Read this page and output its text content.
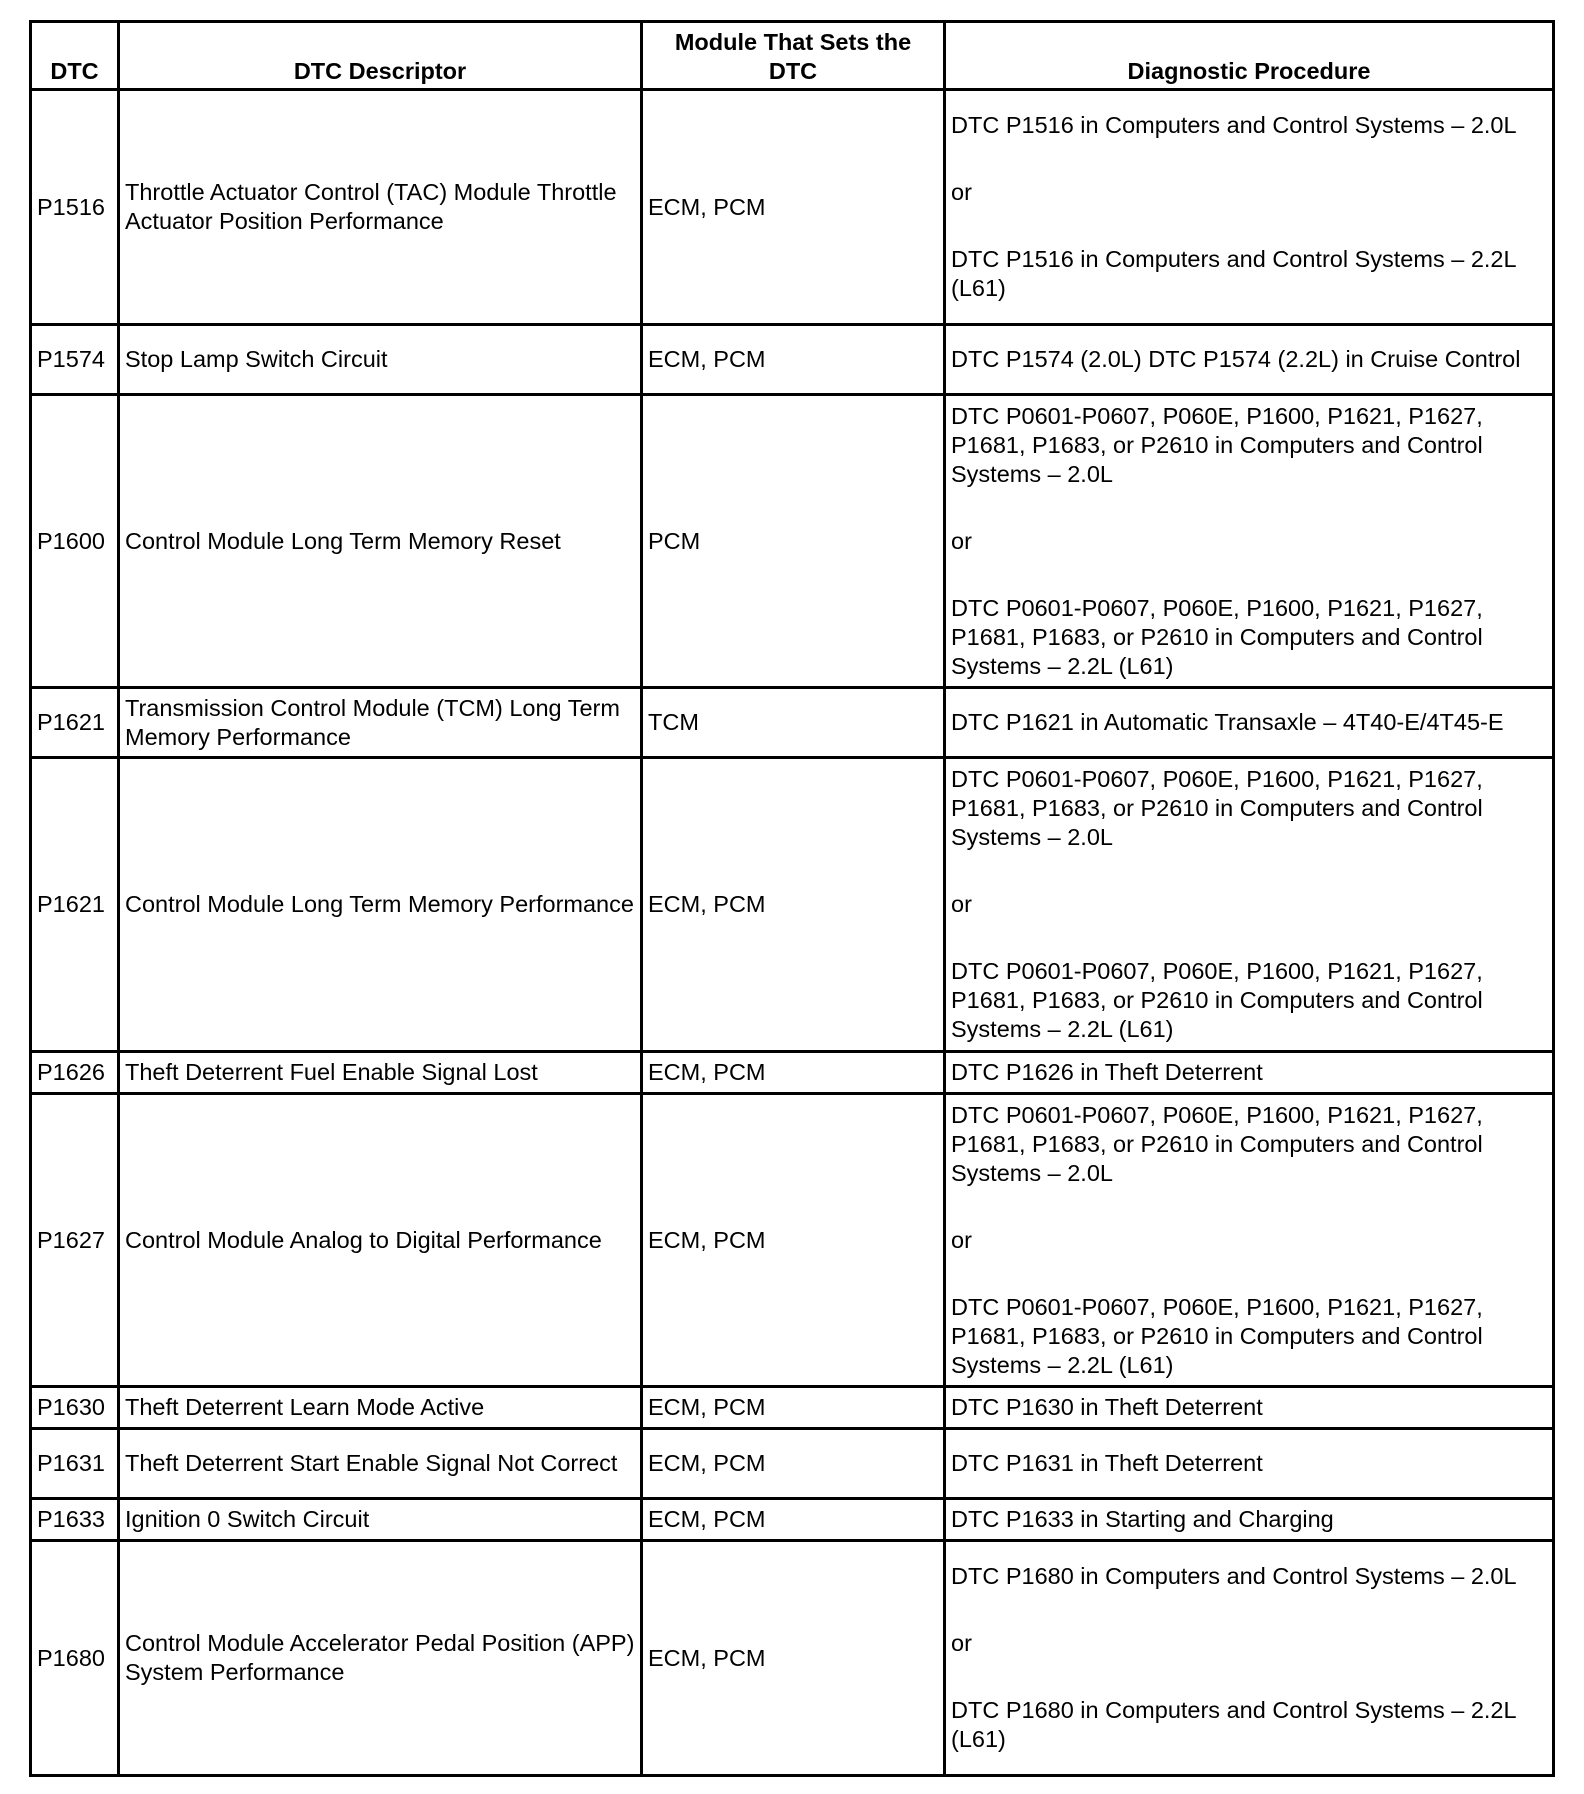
DTC	DTC Descriptor	Module That Sets the DTC	Diagnostic Procedure
P1516	Throttle Actuator Control (TAC) Module Throttle Actuator Position Performance	ECM, PCM	DTC P1516 in Computers and Control Systems – 2.0L
or
DTC P1516 in Computers and Control Systems – 2.2L (L61)

P1574	Stop Lamp Switch Circuit	ECM, PCM	DTC P1574 (2.0L) DTC P1574 (2.2L) in Cruise Control

P1600	Control Module Long Term Memory Reset	PCM	DTC P0601-P0607, P060E, P1600, P1621, P1627, P1681, P1683, or P2610 in Computers and Control Systems – 2.0L
or
DTC P0601-P0607, P060E, P1600, P1621, P1627, P1681, P1683, or P2610 in Computers and Control Systems – 2.2L (L61)

P1621	Transmission Control Module (TCM) Long Term Memory Performance	TCM	DTC P1621 in Automatic Transaxle – 4T40-E/4T45-E

P1621	Control Module Long Term Memory Performance	ECM, PCM	DTC P0601-P0607, P060E, P1600, P1621, P1627, P1681, P1683, or P2610 in Computers and Control Systems – 2.0L
or
DTC P0601-P0607, P060E, P1600, P1621, P1627, P1681, P1683, or P2610 in Computers and Control Systems – 2.2L (L61)

P1626	Theft Deterrent Fuel Enable Signal Lost	ECM, PCM	DTC P1626 in Theft Deterrent

P1627	Control Module Analog to Digital Performance	ECM, PCM	DTC P0601-P0607, P060E, P1600, P1621, P1627, P1681, P1683, or P2610 in Computers and Control Systems – 2.0L
or
DTC P0601-P0607, P060E, P1600, P1621, P1627, P1681, P1683, or P2610 in Computers and Control Systems – 2.2L (L61)

P1630	Theft Deterrent Learn Mode Active	ECM, PCM	DTC P1630 in Theft Deterrent

P1631	Theft Deterrent Start Enable Signal Not Correct	ECM, PCM	DTC P1631 in Theft Deterrent

P1633	Ignition 0 Switch Circuit	ECM, PCM	DTC P1633 in Starting and Charging

P1680	Control Module Accelerator Pedal Position (APP) System Performance	ECM, PCM	DTC P1680 in Computers and Control Systems – 2.0L
or
DTC P1680 in Computers and Control Systems – 2.2L (L61)
